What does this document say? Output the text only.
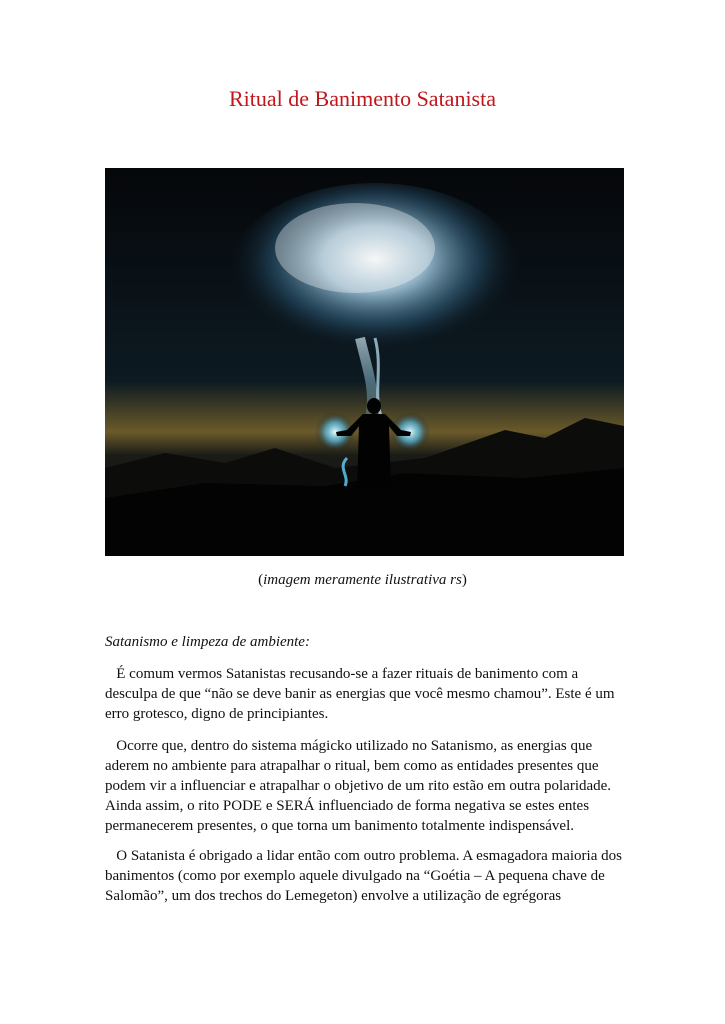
Ritual de Banimento Satanista
(imagem meramente ilustrativa rs)
Satanismo e limpeza de ambiente:

É comum vermos Satanistas recusando-se a fazer rituais de banimento com a desculpa de que “não se deve banir as energias que você mesmo chamou”. Este é um erro grotesco, digno de principiantes.

Ocorre que, dentro do sistema mágicko utilizado no Satanismo, as energias que aderem no ambiente para atrapalhar o ritual, bem como as entidades presentes que podem vir a influenciar e atrapalhar o objetivo de um rito estão em outra polaridade. Ainda assim, o rito PODE e SERÁ influenciado de forma negativa se estes entes permanecerem presentes, o que torna um banimento totalmente indispensável.

O Satanista é obrigado a lidar então com outro problema. A esmagadora maioria dos banimentos (como por exemplo aquele divulgado na “Goétia – A pequena chave de Salomão”, um dos trechos do Lemegeton) envolve a utilização de egrégoras
